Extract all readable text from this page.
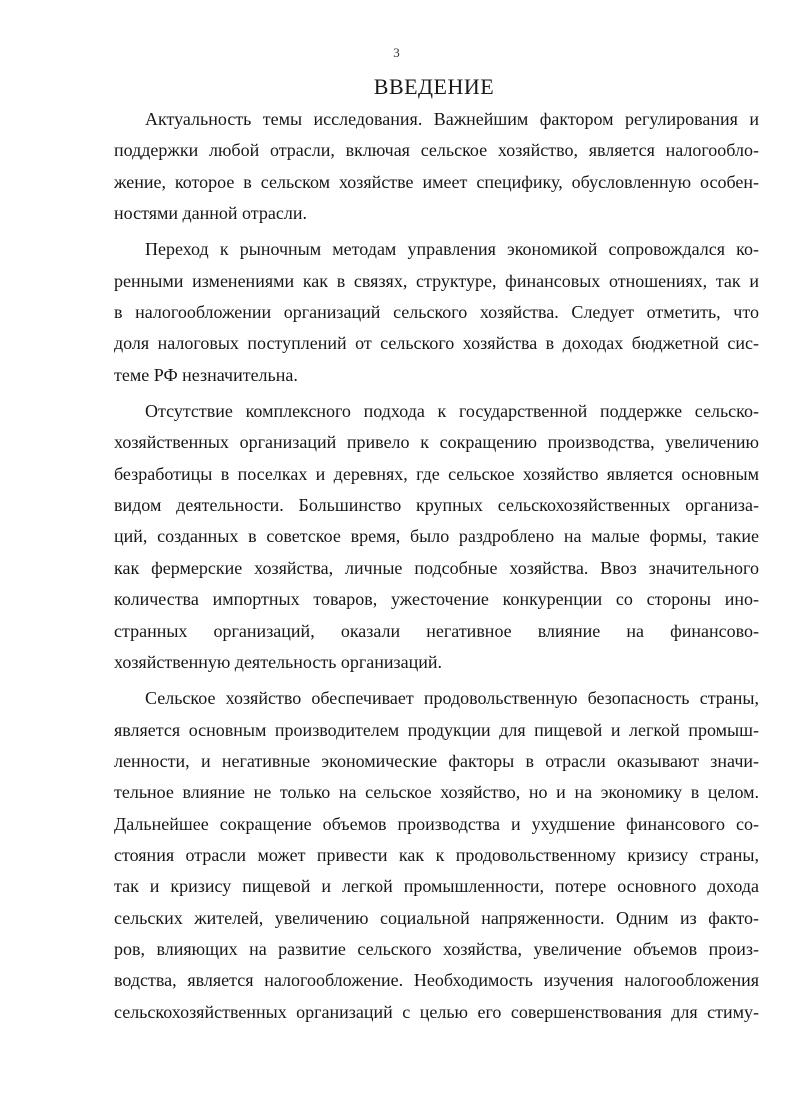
3
ВВЕДЕНИЕ
Актуальность темы исследования. Важнейшим фактором регулирования и
поддержки любой отрасли, включая сельское хозяйство, является налогообло-
жение, которое в сельском хозяйстве имеет специфику, обусловленную особен-
ностями данной отрасли.
Переход к рыночным методам управления экономикой сопровождался ко-
ренными изменениями как в связях, структуре, финансовых отношениях, так и
в налогообложении организаций сельского хозяйства. Следует отметить, что
доля налоговых поступлений от сельского хозяйства в доходах бюджетной сис-
теме РФ незначительна.
Отсутствие комплексного подхода к государственной поддержке сельско-
хозяйственных организаций привело к сокращению производства, увеличению
безработицы в поселках и деревнях, где сельское хозяйство является основным
видом деятельности. Большинство крупных сельскохозяйственных организа-
ций, созданных в советское время, было раздроблено на малые формы, такие
как фермерские хозяйства, личные подсобные хозяйства. Ввоз значительного
количества импортных товаров, ужесточение конкуренции со стороны ино-
странных организаций, оказали негативное влияние на финансово-
хозяйственную деятельность организаций.
Сельское хозяйство обеспечивает продовольственную безопасность страны,
является основным производителем продукции для пищевой и легкой промыш-
ленности, и негативные экономические факторы в отрасли оказывают значи-
тельное влияние не только на сельское хозяйство, но и на экономику в целом.
Дальнейшее сокращение объемов производства и ухудшение финансового со-
стояния отрасли может привести как к продовольственному кризису страны,
так и кризису пищевой и легкой промышленности, потере основного дохода
сельских жителей, увеличению социальной напряженности. Одним из факто-
ров, влияющих на развитие сельского хозяйства, увеличение объемов произ-
водства, является налогообложение. Необходимость изучения налогообложения
сельскохозяйственных организаций с целью его совершенствования для стиму-
